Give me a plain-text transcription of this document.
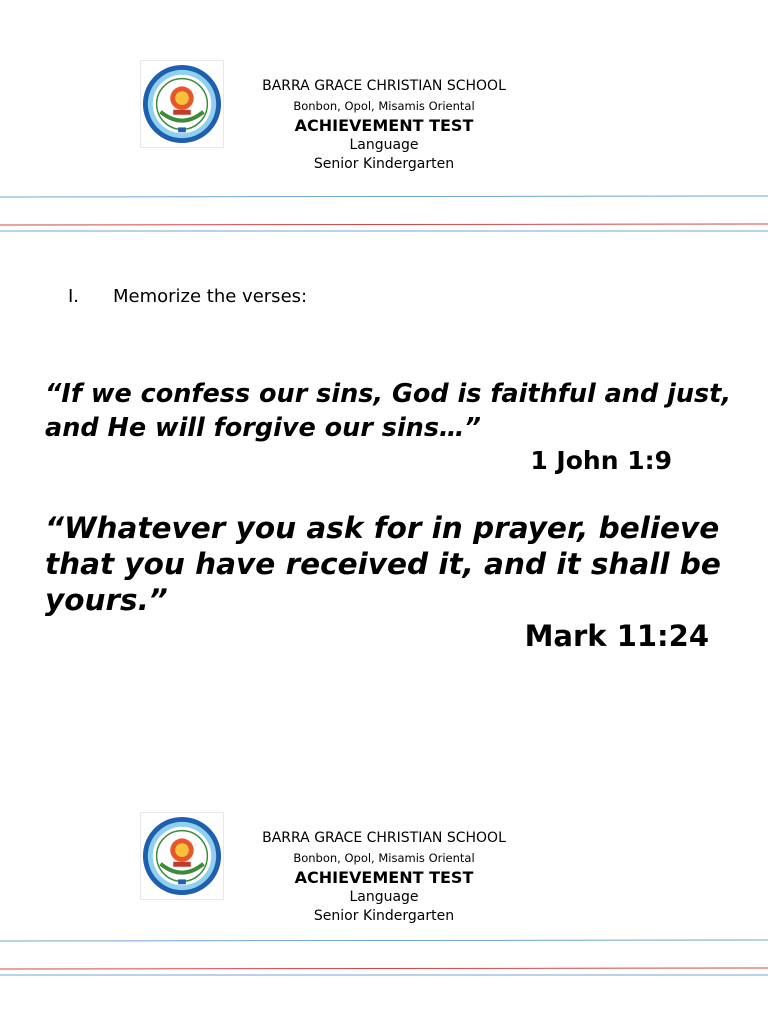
BARRA GRACE CHRISTIAN SCHOOL
Bonbon, Opol, Misamis Oriental
ACHIEVEMENT TEST
Language
Senior Kindergarten
I. Memorize the verses:

“If we confess our sins, God is faithful and just, and He will forgive our sins…”

1 John 1:9

“Whatever you ask for in prayer, believe that you have received it, and it shall be yours.”

Mark 11:24
BARRA GRACE CHRISTIAN SCHOOL
Bonbon, Opol, Misamis Oriental
ACHIEVEMENT TEST
Language
Senior Kindergarten
